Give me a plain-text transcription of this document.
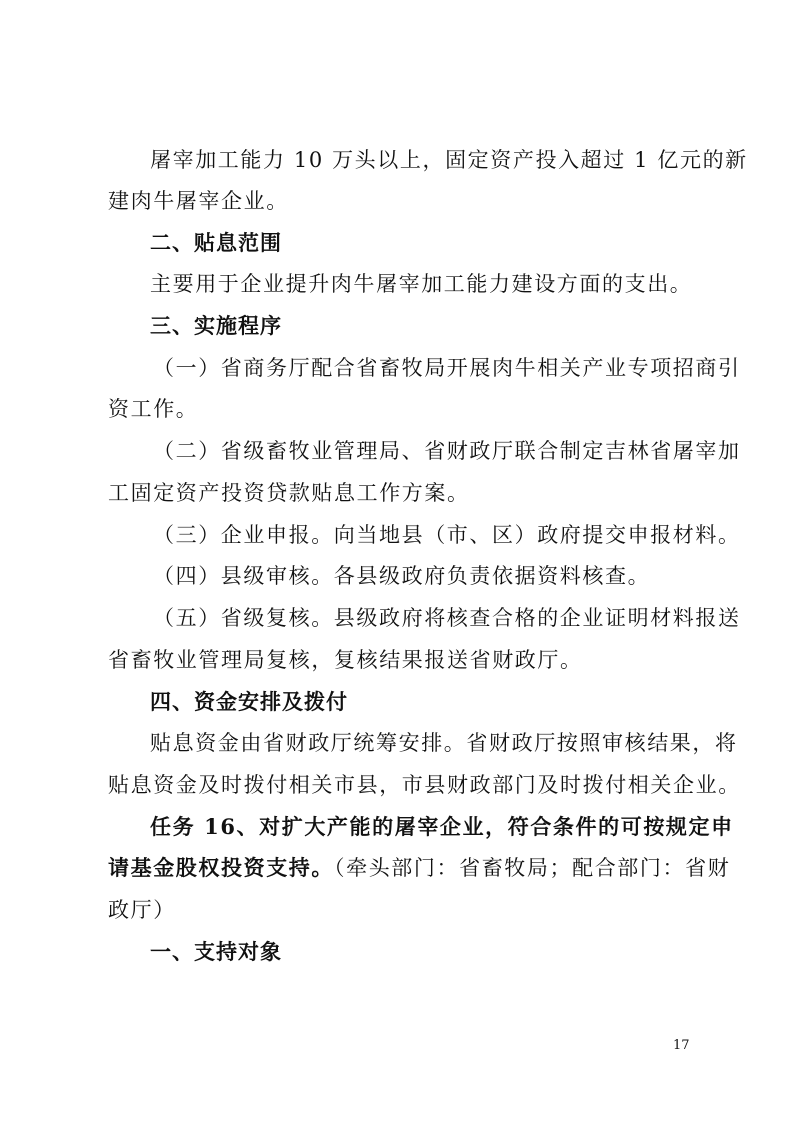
屠宰加工能力 10 万头以上，固定资产投入超过 1 亿元的新
建肉牛屠宰企业。
二、贴息范围
主要用于企业提升肉牛屠宰加工能力建设方面的支出。
三、实施程序
（一）省商务厅配合省畜牧局开展肉牛相关产业专项招商引
资工作。
（二）省级畜牧业管理局、省财政厅联合制定吉林省屠宰加
工固定资产投资贷款贴息工作方案。
（三）企业申报。向当地县（市、区）政府提交申报材料。
（四）县级审核。各县级政府负责依据资料核查。
（五）省级复核。县级政府将核查合格的企业证明材料报送
省畜牧业管理局复核，复核结果报送省财政厅。
四、资金安排及拨付
贴息资金由省财政厅统筹安排。省财政厅按照审核结果，将
贴息资金及时拨付相关市县，市县财政部门及时拨付相关企业。
任务 16、对扩大产能的屠宰企业，符合条件的可按规定申
请基金股权投资支持。（牵头部门：省畜牧局；配合部门：省财
政厅）
一、支持对象
17
